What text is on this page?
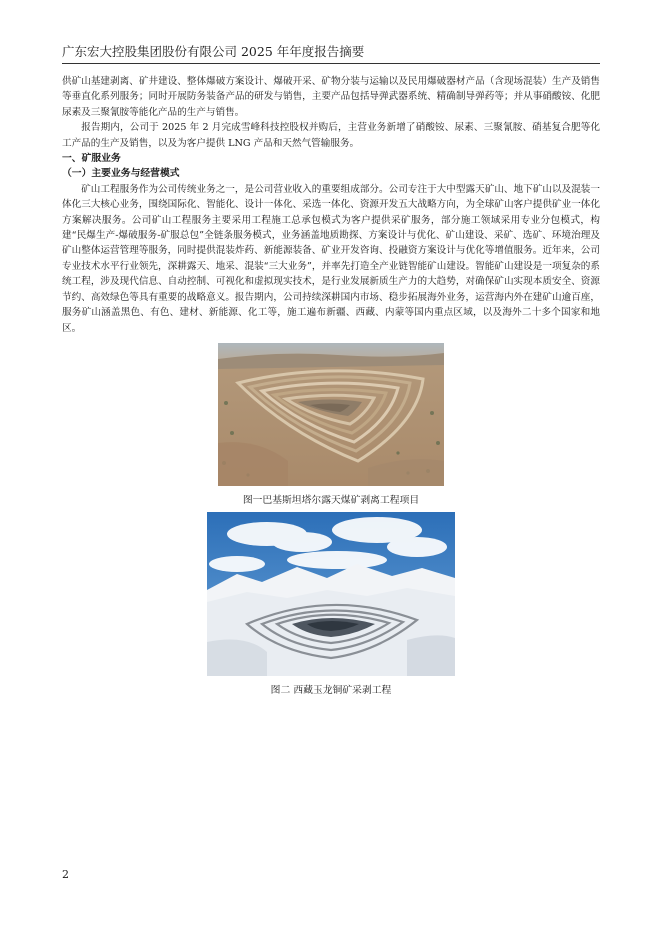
广东宏大控股集团股份有限公司 2025 年年度报告摘要

供矿山基建剥离、矿井建设、整体爆破方案设计、爆破开采、矿物分装与运输以及民用爆破器材产品（含现场混装）生产及销售等垂直化系列服务；同时开展防务装备产品的研发与销售，主要产品包括导弹武器系统、精确制导弹药等；并从事硝酸铵、化肥尿素及三聚氰胺等能化产品的生产与销售。

报告期内，公司于 2025 年 2 月完成雪峰科技控股权并购后，主营业务新增了硝酸铵、尿素、三聚氰胺、硝基复合肥等化工产品的生产及销售，以及为客户提供 LNG 产品和天然气管输服务。

一、矿服业务

（一）主要业务与经营模式

矿山工程服务作为公司传统业务之一，是公司营业收入的重要组成部分。公司专注于大中型露天矿山、地下矿山以及混装一体化三大核心业务，围绕国际化、智能化、设计一体化、采选一体化、资源开发五大战略方向，为全球矿山客户提供矿业一体化方案解决服务。公司矿山工程服务主要采用工程施工总承包模式为客户提供采矿服务，部分施工领域采用专业分包模式，构建“民爆生产-爆破服务-矿服总包”全链条服务模式，业务涵盖地质勘探、方案设计与优化、矿山建设、采矿、选矿、环境治理及矿山整体运营管理等服务，同时提供混装炸药、新能源装备、矿业开发咨询、投融资方案设计与优化等增值服务。近年来，公司专业技术水平行业领先，深耕露天、地采、混装“三大业务”，并率先打造全产业链智能矿山建设。智能矿山建设是一项复杂的系统工程，涉及现代信息、自动控制、可视化和虚拟现实技术，是行业发展新质生产力的大趋势，对确保矿山实现本质安全、资源节约、高效绿色等具有重要的战略意义。报告期内，公司持续深耕国内市场、稳步拓展海外业务，运营海内外在建矿山逾百座，服务矿山涵盖黑色、有色、建材、新能源、化工等，施工遍布新疆、西藏、内蒙等国内重点区域，以及海外二十多个国家和地区。

图一巴基斯坦塔尔露天煤矿剥离工程项目

图二 西藏玉龙铜矿采剥工程

2
